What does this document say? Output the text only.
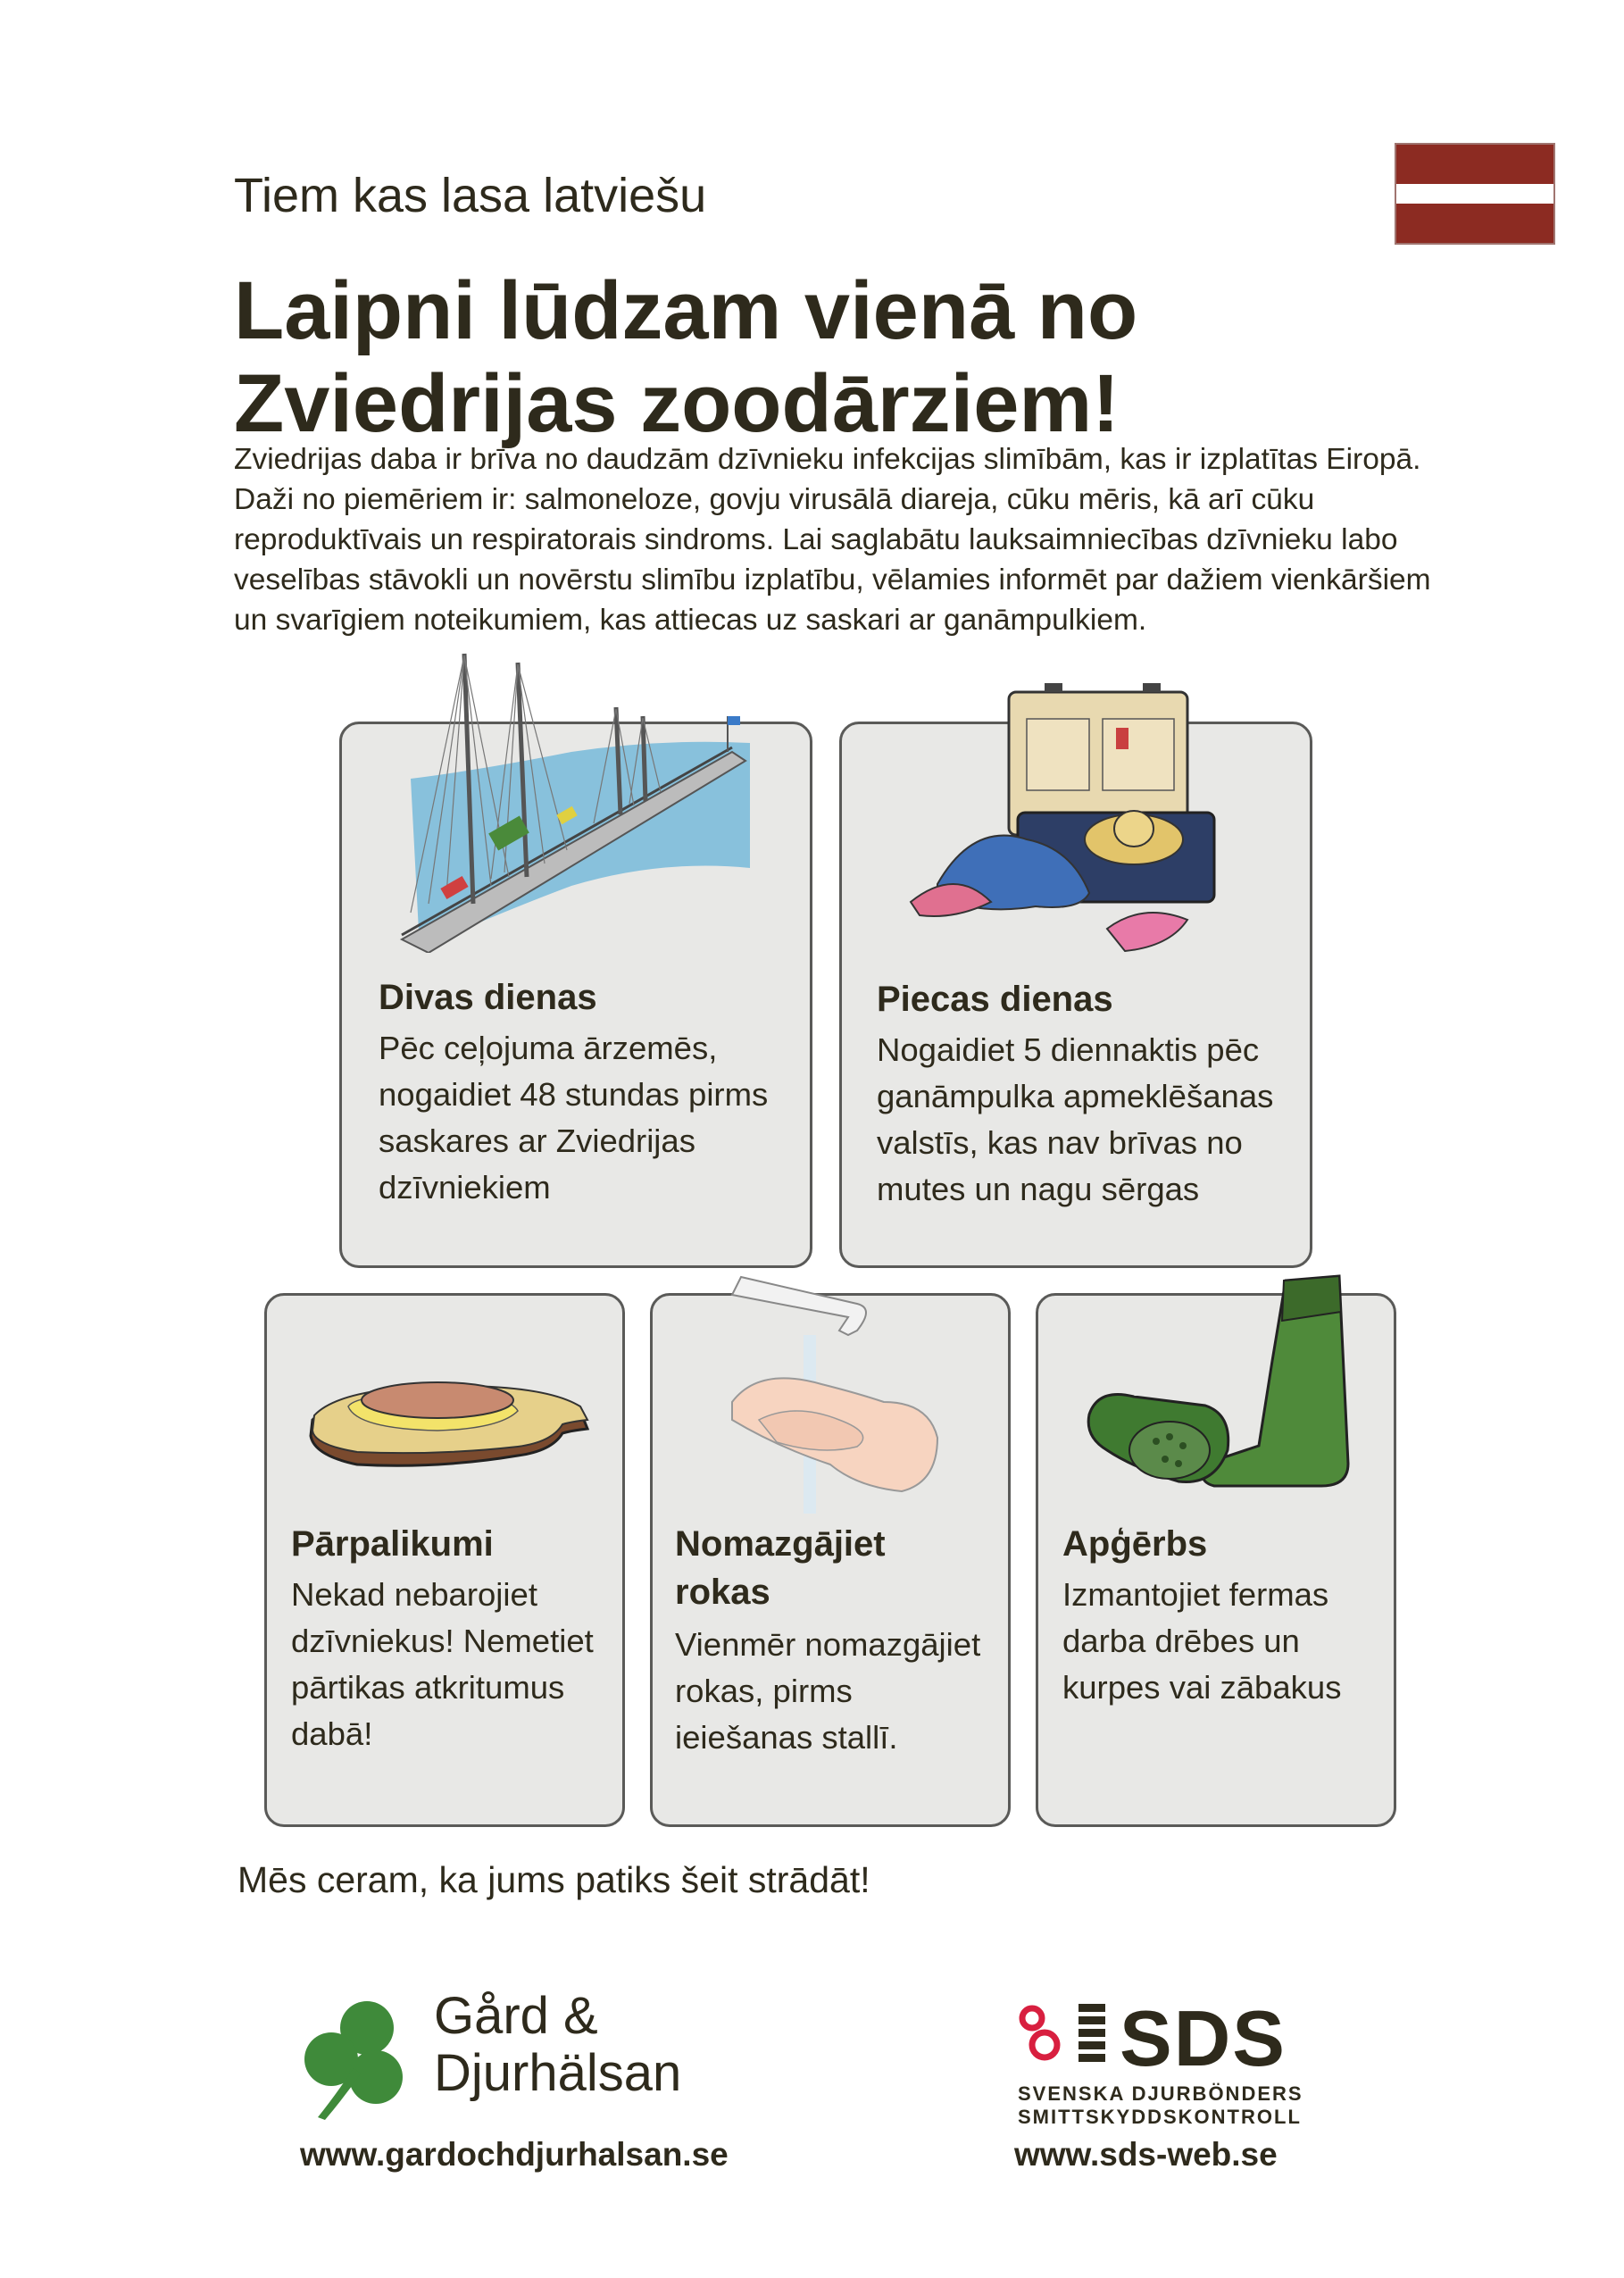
Tiem kas lasa latviešu
Laipni lūdzam vienā no
Zviedrijas zoodārziem!
Zviedrijas daba ir brīva no daudzām dzīvnieku infekcijas slimībām, kas ir izplatītas Eiropā. Daži no piemēriem ir: salmoneloze, govju virusālā diareja, cūku mēris, kā arī cūku reproduktīvais un respiratorais sindroms. Lai saglabātu lauksaimniecības dzīvnieku labo veselības stāvokli un novērstu slimību izplatību, vēlamies informēt par dažiem vienkāršiem un svarīgiem noteikumiem, kas attiecas uz saskari ar ganāmpulkiem.
Divas dienas
Pēc ceļojuma ārzemēs, nogaidiet 48 stundas pirms saskares ar Zviedrijas dzīvniekiem
Piecas dienas
Nogaidiet 5 diennaktis pēc ganāmpulka apmeklēšanas valstīs, kas nav brīvas no mutes un nagu sērgas
Pārpalikumi
Nekad nebarojiet dzīvniekus! Nemetiet pārtikas atkritumus dabā!
Nomazgājiet rokas
Vienmēr nomazgājiet rokas, pirms ieiešanas stallī.
Apģērbs
Izmantojiet fermas darba drēbes un kurpes vai zābakus
Mēs ceram, ka jums patiks šeit strādāt!
Gård &
Djurhälsan
www.gardochdjurhalsan.se
SDS
SVENSKA DJURBÖNDERS
SMITTSKYDDSKONTROLL
www.sds-web.se
